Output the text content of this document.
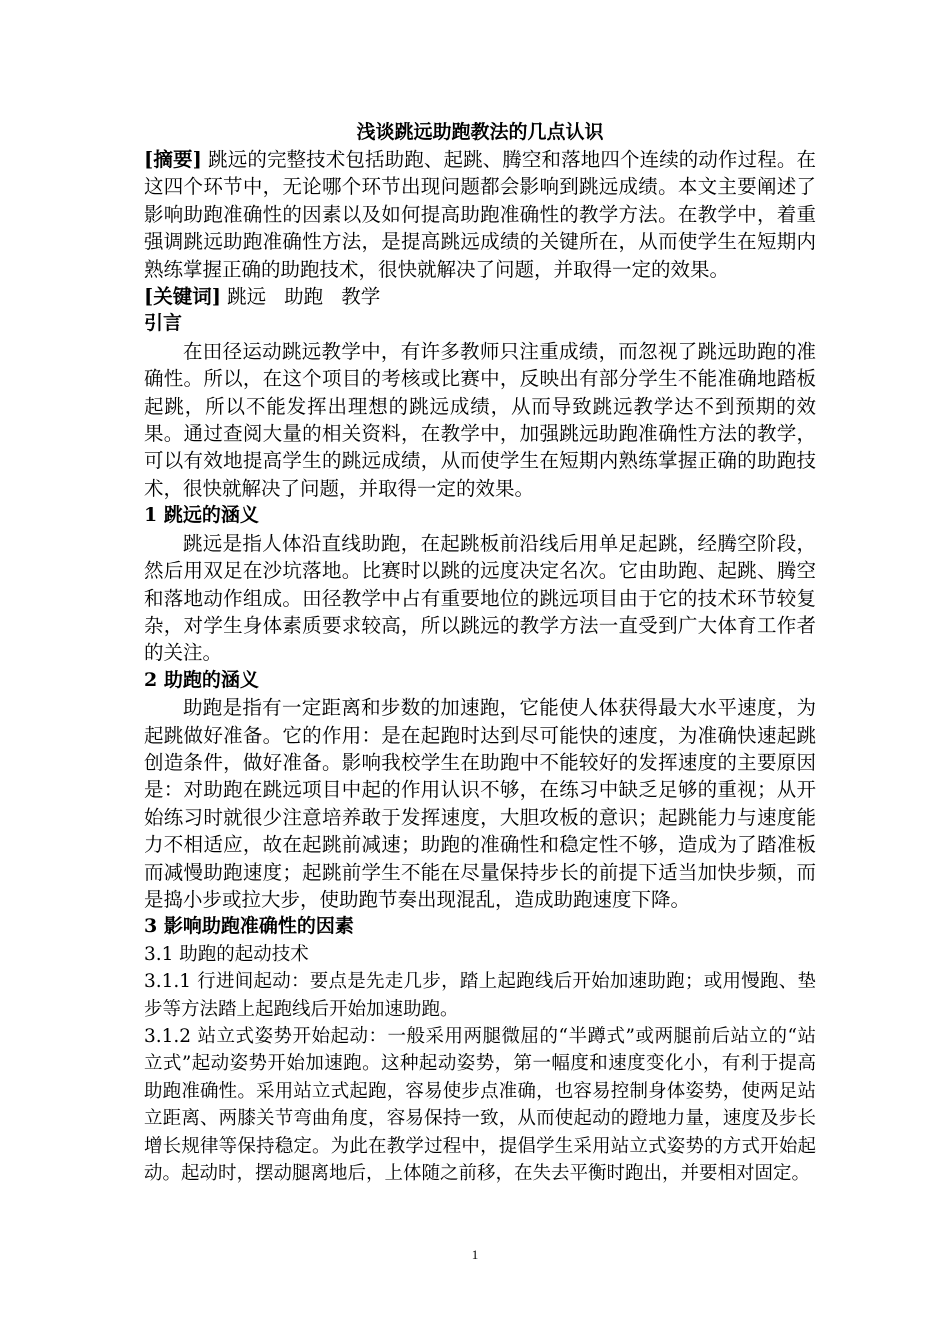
浅谈跳远助跑教法的几点认识

[摘要] 跳远的完整技术包括助跑、起跳、腾空和落地四个连续的动作过程。在这四个环节中，无论哪个环节出现问题都会影响到跳远成绩。本文主要阐述了影响助跑准确性的因素以及如何提高助跑准确性的教学方法。在教学中，着重强调跳远助跑准确性方法，是提高跳远成绩的关键所在，从而使学生在短期内熟练掌握正确的助跑技术，很快就解决了问题，并取得一定的效果。

[关键词] 跳远 助跑 教学

引言

在田径运动跳远教学中，有许多教师只注重成绩，而忽视了跳远助跑的准确性。所以，在这个项目的考核或比赛中，反映出有部分学生不能准确地踏板起跳，所以不能发挥出理想的跳远成绩，从而导致跳远教学达不到预期的效果。通过查阅大量的相关资料，在教学中，加强跳远助跑准确性方法的教学，可以有效地提高学生的跳远成绩，从而使学生在短期内熟练掌握正确的助跑技术，很快就解决了问题，并取得一定的效果。

1 跳远的涵义

跳远是指人体沿直线助跑，在起跳板前沿线后用单足起跳，经腾空阶段，然后用双足在沙坑落地。比赛时以跳的远度决定名次。它由助跑、起跳、腾空和落地动作组成。田径教学中占有重要地位的跳远项目由于它的技术环节较复杂，对学生身体素质要求较高，所以跳远的教学方法一直受到广大体育工作者的关注。

2 助跑的涵义

助跑是指有一定距离和步数的加速跑，它能使人体获得最大水平速度，为起跳做好准备。它的作用：是在起跑时达到尽可能快的速度，为准确快速起跳创造条件，做好准备。影响我校学生在助跑中不能较好的发挥速度的主要原因是：对助跑在跳远项目中起的作用认识不够，在练习中缺乏足够的重视；从开始练习时就很少注意培养敢于发挥速度，大胆攻板的意识；起跳能力与速度能力不相适应，故在起跳前减速；助跑的准确性和稳定性不够，造成为了踏准板而减慢助跑速度；起跳前学生不能在尽量保持步长的前提下适当加快步频，而是捣小步或拉大步，使助跑节奏出现混乱，造成助跑速度下降。

3 影响助跑准确性的因素

3.1 助跑的起动技术

3.1.1 行进间起动：要点是先走几步，踏上起跑线后开始加速助跑；或用慢跑、垫步等方法踏上起跑线后开始加速助跑。

3.1.2 站立式姿势开始起动：一般采用两腿微屈的“半蹲式”或两腿前后站立的“站立式”起动姿势开始加速跑。这种起动姿势，第一幅度和速度变化小，有利于提高助跑准确性。采用站立式起跑，容易使步点准确，也容易控制身体姿势，使两足站立距离、两膝关节弯曲角度，容易保持一致，从而使起动的蹬地力量，速度及步长增长规律等保持稳定。为此在教学过程中，提倡学生采用站立式姿势的方式开始起动。起动时，摆动腿离地后，上体随之前移，在失去平衡时跑出，并要相对固定。

1
